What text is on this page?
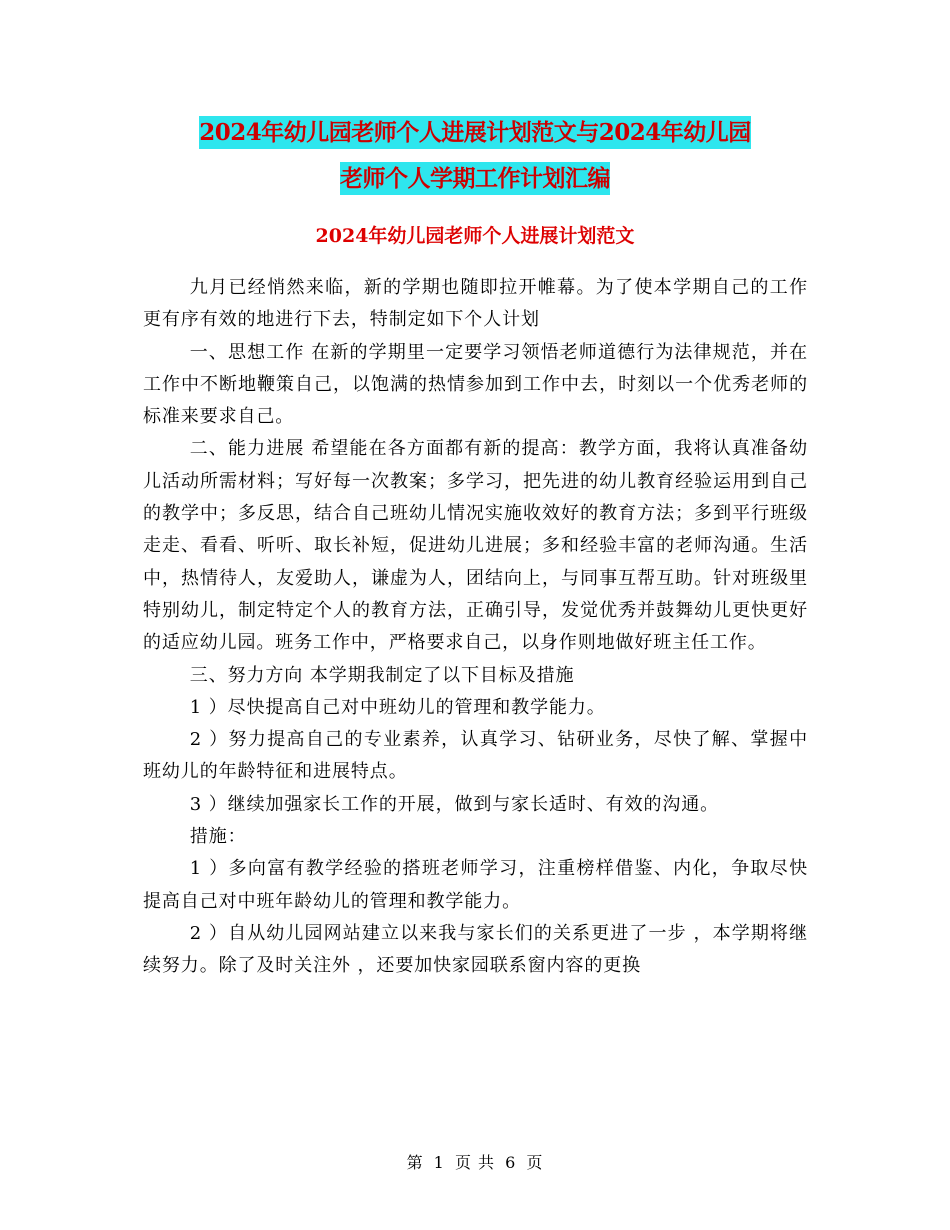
2024年幼儿园老师个人进展计划范文与2024年幼儿园
老师个人学期工作计划汇编
2024年幼儿园老师个人进展计划范文

九月已经悄然来临，新的学期也随即拉开帷幕。为了使本学期自己的工作更有序有效的地进行下去，特制定如下个人计划

一、思想工作 在新的学期里一定要学习领悟老师道德行为法律规范，并在工作中不断地鞭策自己，以饱满的热情参加到工作中去，时刻以一个优秀老师的标准来要求自己。

二、能力进展 希望能在各方面都有新的提高：教学方面，我将认真准备幼儿活动所需材料；写好每一次教案；多学习，把先进的幼儿教育经验运用到自己的教学中；多反思，结合自己班幼儿情况实施收效好的教育方法；多到平行班级走走、看看、听听、取长补短，促进幼儿进展；多和经验丰富的老师沟通。生活中，热情待人，友爱助人，谦虚为人，团结向上，与同事互帮互助。针对班级里特别幼儿，制定特定个人的教育方法，正确引导，发觉优秀并鼓舞幼儿更快更好的适应幼儿园。班务工作中，严格要求自己，以身作则地做好班主任工作。

三、努力方向 本学期我制定了以下目标及措施

1 ）尽快提高自己对中班幼儿的管理和教学能力。

2 ）努力提高自己的专业素养，认真学习、钻研业务，尽快了解、掌握中班幼儿的年龄特征和进展特点。

3 ）继续加强家长工作的开展，做到与家长适时、有效的沟通。

措施：

1 ）多向富有教学经验的搭班老师学习，注重榜样借鉴、内化，争取尽快提高自己对中班年龄幼儿的管理和教学能力。

2 ）自从幼儿园网站建立以来我与家长们的关系更进了一步 ，本学期将继续努力。除了及时关注外 ，还要加快家园联系窗内容的更换

第 1 页 共 6 页
